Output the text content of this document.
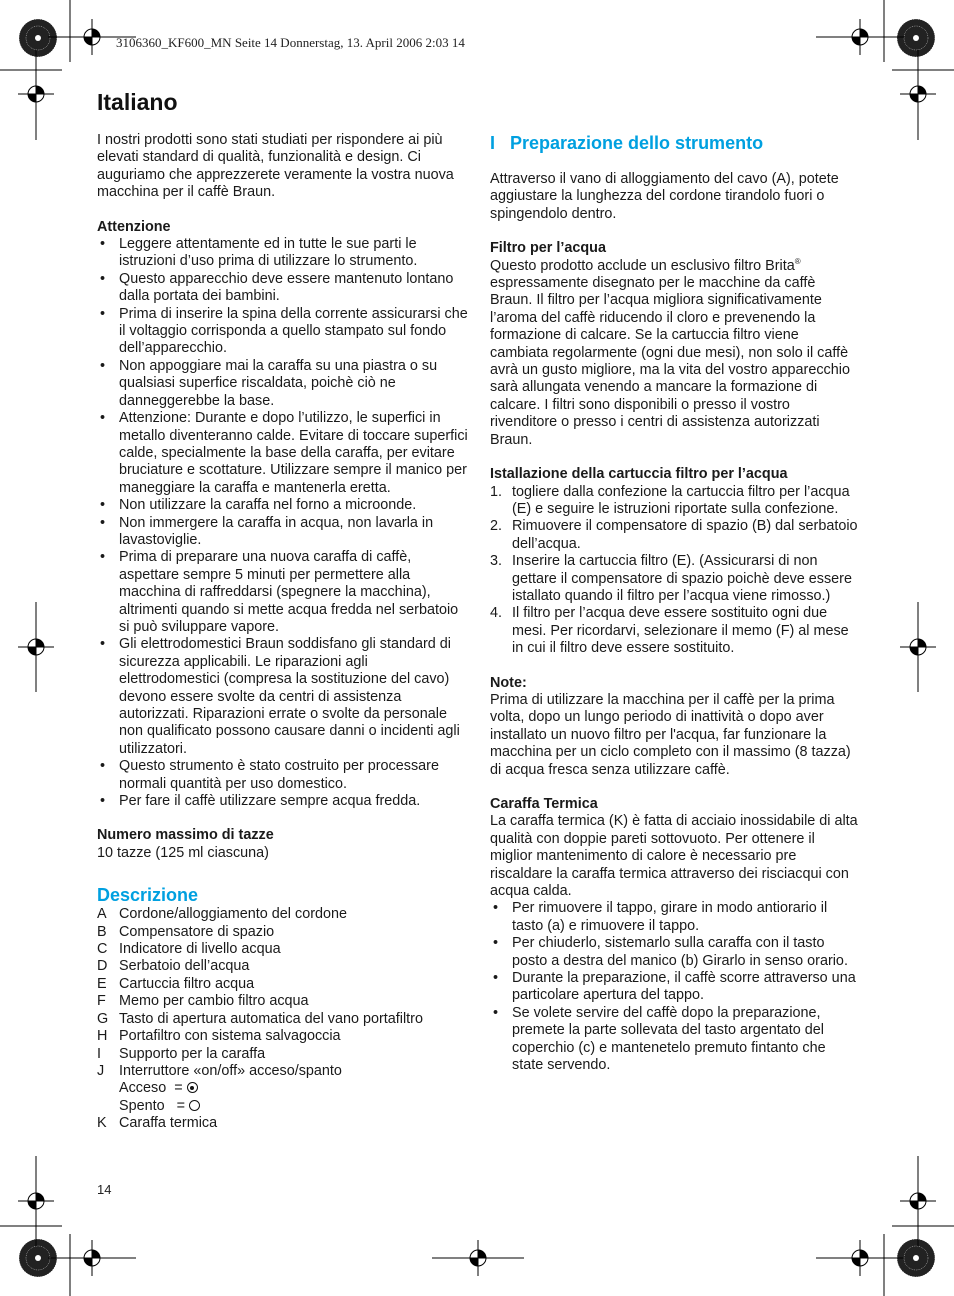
3106360_KF600_MN Seite 14 Donnerstag, 13. April 2006 2:03 14
Italiano

I nostri prodotti sono stati studiati per rispondere ai più elevati standard di qualità, funzionalità e design. Ci auguriamo che apprezzerete veramente la vostra nuova macchina per il caffè Braun.

Attenzione

• Leggere attentamente ed in tutte le sue parti le istruzioni d’uso prima di utilizzare lo strumento.
• Questo apparecchio deve essere mantenuto lontano dalla portata dei bambini.
• Prima di inserire la spina della corrente assicurarsi che il voltaggio corrisponda a quello stampato sul fondo dell’apparecchio.
• Non appoggiare mai la caraffa su una piastra o su qualsiasi superfice riscaldata, poichè ciò ne danneggerebbe la base.
• Attenzione: Durante e dopo l’utilizzo, le superfici in metallo diventeranno calde. Evitare di toccare superfici calde, specialmente la base della caraffa, per evitare bruciature e scottature. Utilizzare sempre il manico per maneggiare la caraffa e mantenerla eretta.
• Non utilizzare la caraffa nel forno a microonde.
• Non immergere la caraffa in acqua, non lavarla in lavastoviglie.
• Prima di preparare una nuova caraffa di caffè, aspettare sempre 5 minuti per permettere alla macchina di raffreddarsi (spegnere la macchina), altrimenti quando si mette acqua fredda nel serbatoio si può sviluppare vapore.
• Gli elettrodomestici Braun soddisfano gli standard di sicurezza applicabili. Le riparazioni agli elettrodomestici (compresa la sostituzione del cavo) devono essere svolte da centri di assistenza autorizzati. Riparazioni errate o svolte da personale non qualificato possono causare danni o incidenti agli utilizzatori.
• Questo strumento è stato costruito per processare normali quantità per uso domestico.
• Per fare il caffè utilizzare sempre acqua fredda.

Numero massimo di tazze

10 tazze (125 ml ciascuna)

Descrizione
A Cordone/alloggiamento del cordone
B Compensatore di spazio
C Indicatore di livello acqua
D Serbatoio dell’acqua
E Cartuccia filtro acqua
F Memo per cambio filtro acqua
G Tasto di apertura automatica del vano portafiltro
H Portafiltro con sistema salvagoccia
I Supporto per la caraffa
J Interruttore «on/off» acceso/spanto
Acceso  =
Spento   =
K Caraffa termica
I   Preparazione dello strumento

Attraverso il vano di alloggiamento del cavo (A), potete aggiustare la lunghezza del cordone tirandolo fuori o spingendolo dentro.

Filtro per l’acqua

Questo prodotto acclude un esclusivo filtro Brita® espressamente disegnato per le macchine da caffè Braun. Il filtro per l’acqua migliora significativamente l’aroma del caffè riducendo il cloro e prevenendo la formazione di calcare. Se la cartuccia filtro viene cambiata regolarmente (ogni due mesi), non solo il caffè avrà un gusto migliore, ma la vita del vostro apparecchio sarà allungata venendo a mancare la formazione di calcare. I filtri sono disponibili o presso il vostro rivenditore o presso i centri di assistenza autorizzati Braun.

Istallazione della cartuccia filtro per l’acqua

1. togliere dalla confezione la cartuccia filtro per l’acqua (E) e seguire le istruzioni riportate sulla confezione.
2. Rimuovere il compensatore di spazio (B) dal serbatoio dell’acqua.
3. Inserire la cartuccia filtro (E). (Assicurarsi di non gettare il compensatore di spazio poichè deve essere istallato quando il filtro per l’acqua viene rimosso.)
4. Il filtro per l’acqua deve essere sostituito ogni due mesi. Per ricordarvi, selezionare il memo (F) al mese in cui il filtro deve essere sostituito.

Note:

Prima di utilizzare la macchina per il caffè per la prima volta, dopo un lungo periodo di inattività o dopo aver installato un nuovo filtro per l'acqua, far funzionare la macchina per un ciclo completo con il massimo (8 tazza) di acqua fresca senza utilizzare caffè.

Caraffa Termica

La caraffa termica (K) è fatta di acciaio inossidabile di alta qualità con doppie pareti sottovuoto. Per ottenere il miglior mantenimento di calore è necessario pre riscaldare la caraffa termica attraverso dei risciacqui con acqua calda.

• Per rimuovere il tappo, girare in modo antiorario il tasto (a) e rimuovere il tappo.
• Per chiuderlo, sistemarlo sulla caraffa con il tasto posto a destra del manico (b) Girarlo in senso orario.
• Durante la preparazione, il caffè scorre attraverso una particolare apertura del tappo.
• Se volete servire del caffè dopo la preparazione, premete la parte sollevata del tasto argentato del coperchio (c) e mantenetelo premuto fintanto che state servendo.
14
